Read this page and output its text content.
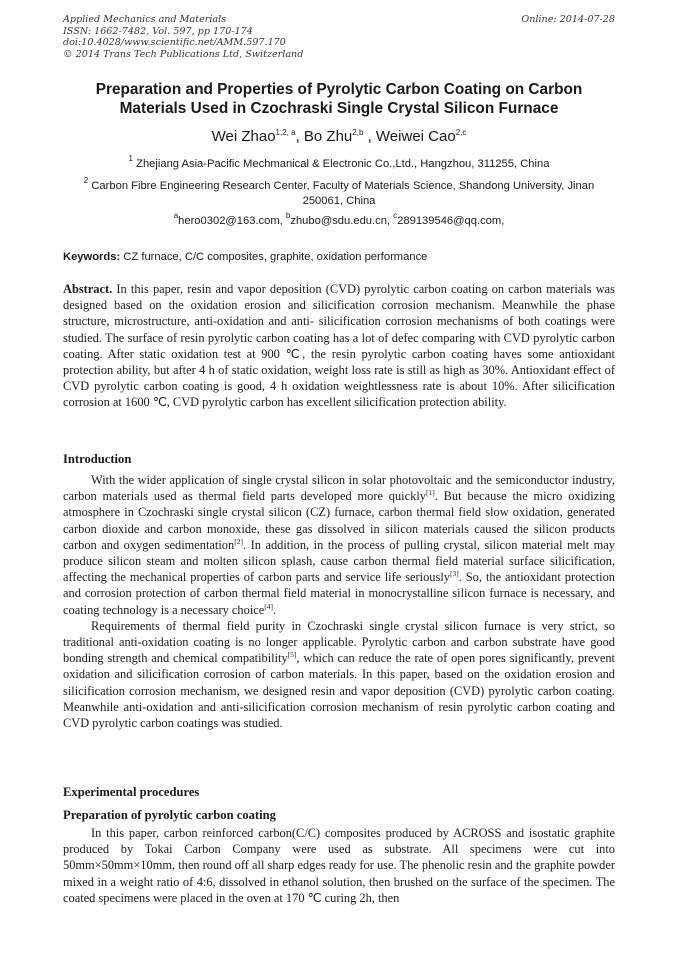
Applied Mechanics and Materials
ISSN: 1662-7482, Vol. 597, pp 170-174
doi:10.4028/www.scientific.net/AMM.597.170
© 2014 Trans Tech Publications Ltd, Switzerland
Online: 2014-07-28
Preparation and Properties of Pyrolytic Carbon Coating on Carbon Materials Used in Czochraski Single Crystal Silicon Furnace
Wei Zhao$^{1,2, a}$, Bo Zhu$^{2,b}$ , Weiwei Cao$^{2,c}$
$^1$ Zhejiang Asia-Pacific Mechmanical & Electronic Co.,Ltd., Hangzhou, 311255, China
$^2$ Carbon Fibre Engineering Research Center, Faculty of Materials Science, Shandong University, Jinan 250061, China
$^a$hero0302@163.com, $^b$zhubo@sdu.edu.cn, $^c$289139546@qq.com,
Keywords: CZ furnace, C/C composites, graphite, oxidation performance

Abstract. In this paper, resin and vapor deposition (CVD) pyrolytic carbon coating on carbon materials was designed based on the oxidation erosion and silicification corrosion mechanism. Meanwhile the phase structure, microstructure, anti-oxidation and anti- silicification corrosion mechanisms of both coatings were studied. The surface of resin pyrolytic carbon coating has a lot of defec comparing with CVD pyrolytic carbon coating. After static oxidation test at 900 ℃, the resin pyrolytic carbon coating haves some antioxidant protection ability, but after 4 h of static oxidation, weight loss rate is still as high as 30%. Antioxidant effect of CVD pyrolytic carbon coating is good, 4 h oxidation weightlessness rate is about 10%. After silicification corrosion at 1600 ℃, CVD pyrolytic carbon has excellent silicification protection ability.

Introduction

With the wider application of single crystal silicon in solar photovoltaic and the semiconductor industry, carbon materials used as thermal field parts developed more quickly[1]. But because the micro oxidizing atmosphere in Czochraski single crystal silicon (CZ) furnace, carbon thermal field slow oxidation, generated carbon dioxide and carbon monoxide, these gas dissolved in silicon materials caused the silicon products carbon and oxygen sedimentation[2]. In addition, in the process of pulling crystal, silicon material melt may produce silicon steam and molten silicon splash, cause carbon thermal field material surface silicification, affecting the mechanical properties of carbon parts and service life seriously[3]. So, the antioxidant protection and corrosion protection of carbon thermal field material in monocrystalline silicon furnace is necessary, and coating technology is a necessary choice[4].

Requirements of thermal field purity in Czochraski single crystal silicon furnace is very strict, so traditional anti-oxidation coating is no longer applicable. Pyrolytic carbon and carbon substrate have good bonding strength and chemical compatibility[5], which can reduce the rate of open pores significantly, prevent oxidation and silicification corrosion of carbon materials. In this paper, based on the oxidation erosion and silicification corrosion mechanism, we designed resin and vapor deposition (CVD) pyrolytic carbon coating. Meanwhile anti-oxidation and anti-silicification corrosion mechanism of resin pyrolytic carbon coating and CVD pyrolytic carbon coatings was studied.

Experimental procedures
Preparation of pyrolytic carbon coating

In this paper, carbon reinforced carbon(C/C) composites produced by ACROSS and isostatic graphite produced by Tokai Carbon Company were used as substrate. All specimens were cut into 50mm×50mm×10mm, then round off all sharp edges ready for use. The phenolic resin and the graphite powder mixed in a weight ratio of 4:6, dissolved in ethanol solution, then brushed on the surface of the specimen. The coated specimens were placed in the oven at 170 ℃ curing 2h, then
